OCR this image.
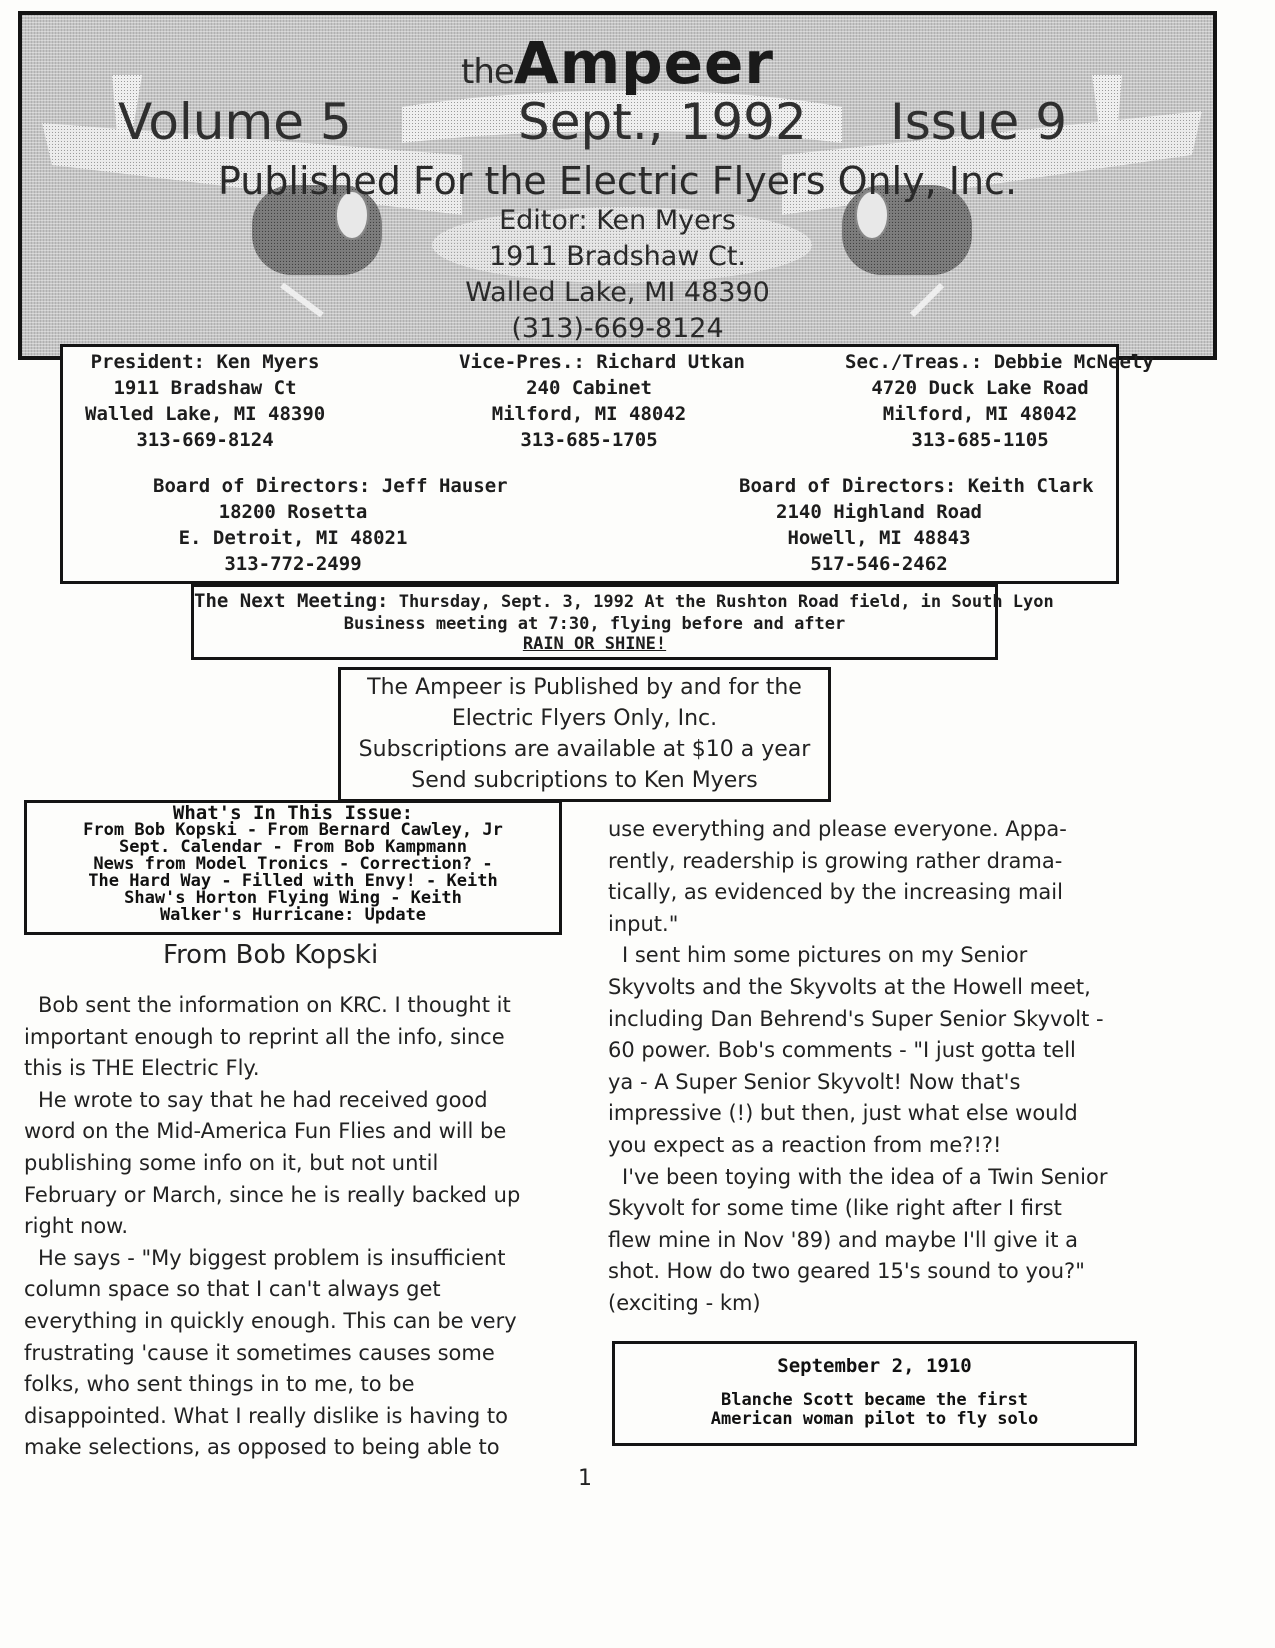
theAmpeer
Volume 5	Sept., 1992 Issue 9
Published For the Electric Flyers Only, Inc.
Editor: Ken Myers
1911 Bradshaw Ct.
Walled Lake, MI 48390
(313)-669-8124
President: Ken Myers
1911 Bradshaw Ct
Walled Lake, MI 48390
313-669-8124
Vice-Pres.: Richard Utkan
240 Cabinet
Milford, MI 48042
313-685-1705
Sec./Treas.: Debbie McNeely
4720 Duck Lake Road
Milford, MI 48042
313-685-1105
Board of Directors: Jeff Hauser
18200 Rosetta
E. Detroit, MI 48021
313-772-2499
Board of Directors: Keith Clark
2140 Highland Road
Howell, MI 48843
517-546-2462
The Next Meeting: Thursday, Sept. 3, 1992 At the Rushton Road field, in South Lyon
Business meeting at 7:30, flying before and after
RAIN OR SHINE!
The Ampeer is Published by and for the
Electric Flyers Only, Inc.
Subscriptions are available at $10 a year
Send subcriptions to Ken Myers
What's In This Issue:
From Bob Kopski - From Bernard Cawley, Jr
Sept. Calendar - From Bob Kampmann
News from Model Tronics - Correction? -
The Hard Way - Filled with Envy! - Keith
Shaw's Horton Flying Wing - Keith
Walker's Hurricane: Update
From Bob Kopski

Bob sent the information on KRC. I thought it
important enough to reprint all the info, since
this is THE Electric Fly.

He wrote to say that he had received good
word on the Mid-America Fun Flies and will be
publishing some info on it, but not until
February or March, since he is really backed up
right now.

He says - "My biggest problem is insufficient
column space so that I can't always get
everything in quickly enough. This can be very
frustrating 'cause it sometimes causes some
folks, who sent things in to me, to be
disappointed. What I really dislike is having to
make selections, as opposed to being able to

use everything and please everyone. Appa-
rently, readership is growing rather drama-
tically, as evidenced by the increasing mail
input."

I sent him some pictures on my Senior
Skyvolts and the Skyvolts at the Howell meet,
including Dan Behrend's Super Senior Skyvolt -
60 power. Bob's comments - "I just gotta tell
ya - A Super Senior Skyvolt! Now that's
impressive (!) but then, just what else would
you expect as a reaction from me?!?!

I've been toying with the idea of a Twin Senior
Skyvolt for some time (like right after I first
flew mine in Nov '89) and maybe I'll give it a
shot. How do two geared 15's sound to you?"
(exciting - km)

September 2, 1910
Blanche Scott became the first
American woman pilot to fly solo
1
